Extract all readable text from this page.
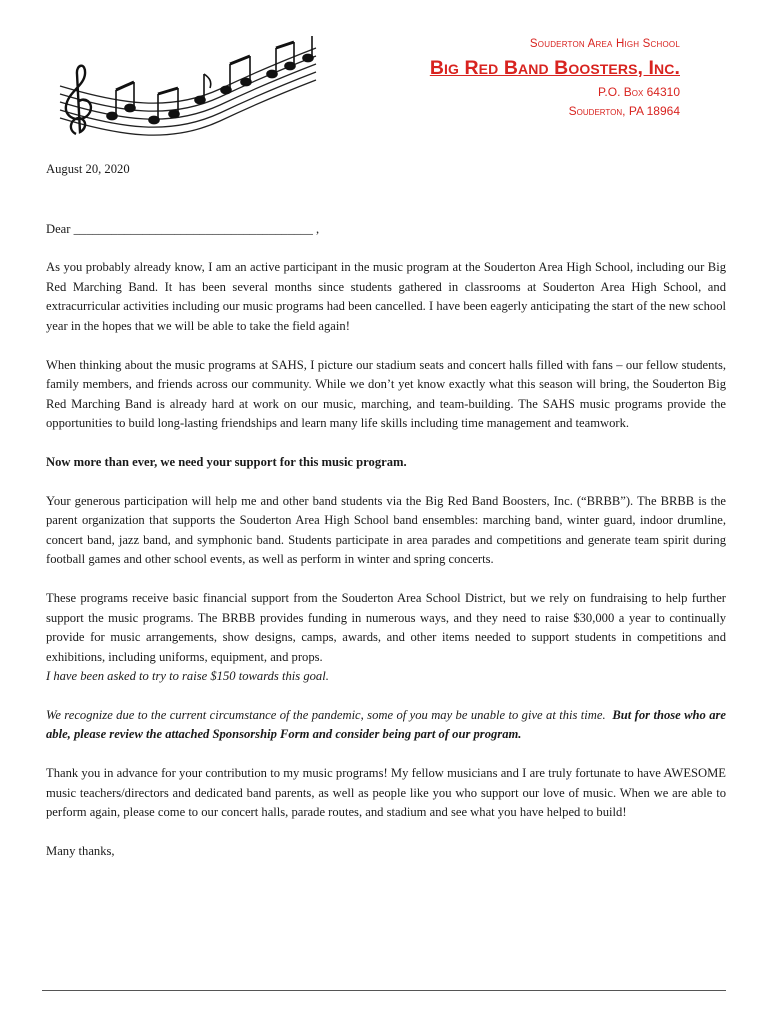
Souderton Area High School
Big Red Band Boosters, Inc.
P.O. Box 64310
Souderton, PA 18964

August 20, 2020

Dear ______________________________________ ,

As you probably already know, I am an active participant in the music program at the Souderton Area High School, including our Big Red Marching Band. It has been several months since students gathered in classrooms at Souderton Area High School, and extracurricular activities including our music programs had been cancelled. I have been eagerly anticipating the start of the new school year in the hopes that we will be able to take the field again!

When thinking about the music programs at SAHS, I picture our stadium seats and concert halls filled with fans – our fellow students, family members, and friends across our community. While we don’t yet know exactly what this season will bring, the Souderton Big Red Marching Band is already hard at work on our music, marching, and team-building. The SAHS music programs provide the opportunities to build long-lasting friendships and learn many life skills including time management and teamwork.

Now more than ever, we need your support for this music program.

Your generous participation will help me and other band students via the Big Red Band Boosters, Inc. (“BRBB”). The BRBB is the parent organization that supports the Souderton Area High School band ensembles: marching band, winter guard, indoor drumline, concert band, jazz band, and symphonic band. Students participate in area parades and competitions and generate team spirit during football games and other school events, as well as perform in winter and spring concerts.

These programs receive basic financial support from the Souderton Area School District, but we rely on fundraising to help further support the music programs. The BRBB provides funding in numerous ways, and they need to raise $30,000 a year to continually provide for music arrangements, show designs, camps, awards, and other items needed to support students in competitions and exhibitions, including uniforms, equipment, and props.

I have been asked to try to raise $150 towards this goal.

We recognize due to the current circumstance of the pandemic, some of you may be unable to give at this time. But for those who are able, please review the attached Sponsorship Form and consider being part of our program.

Thank you in advance for your contribution to my music programs! My fellow musicians and I are truly fortunate to have AWESOME music teachers/directors and dedicated band parents, as well as people like you who support our love of music. When we are able to perform again, please come to our concert halls, parade routes, and stadium and see what you have helped to build!

Many thanks,
